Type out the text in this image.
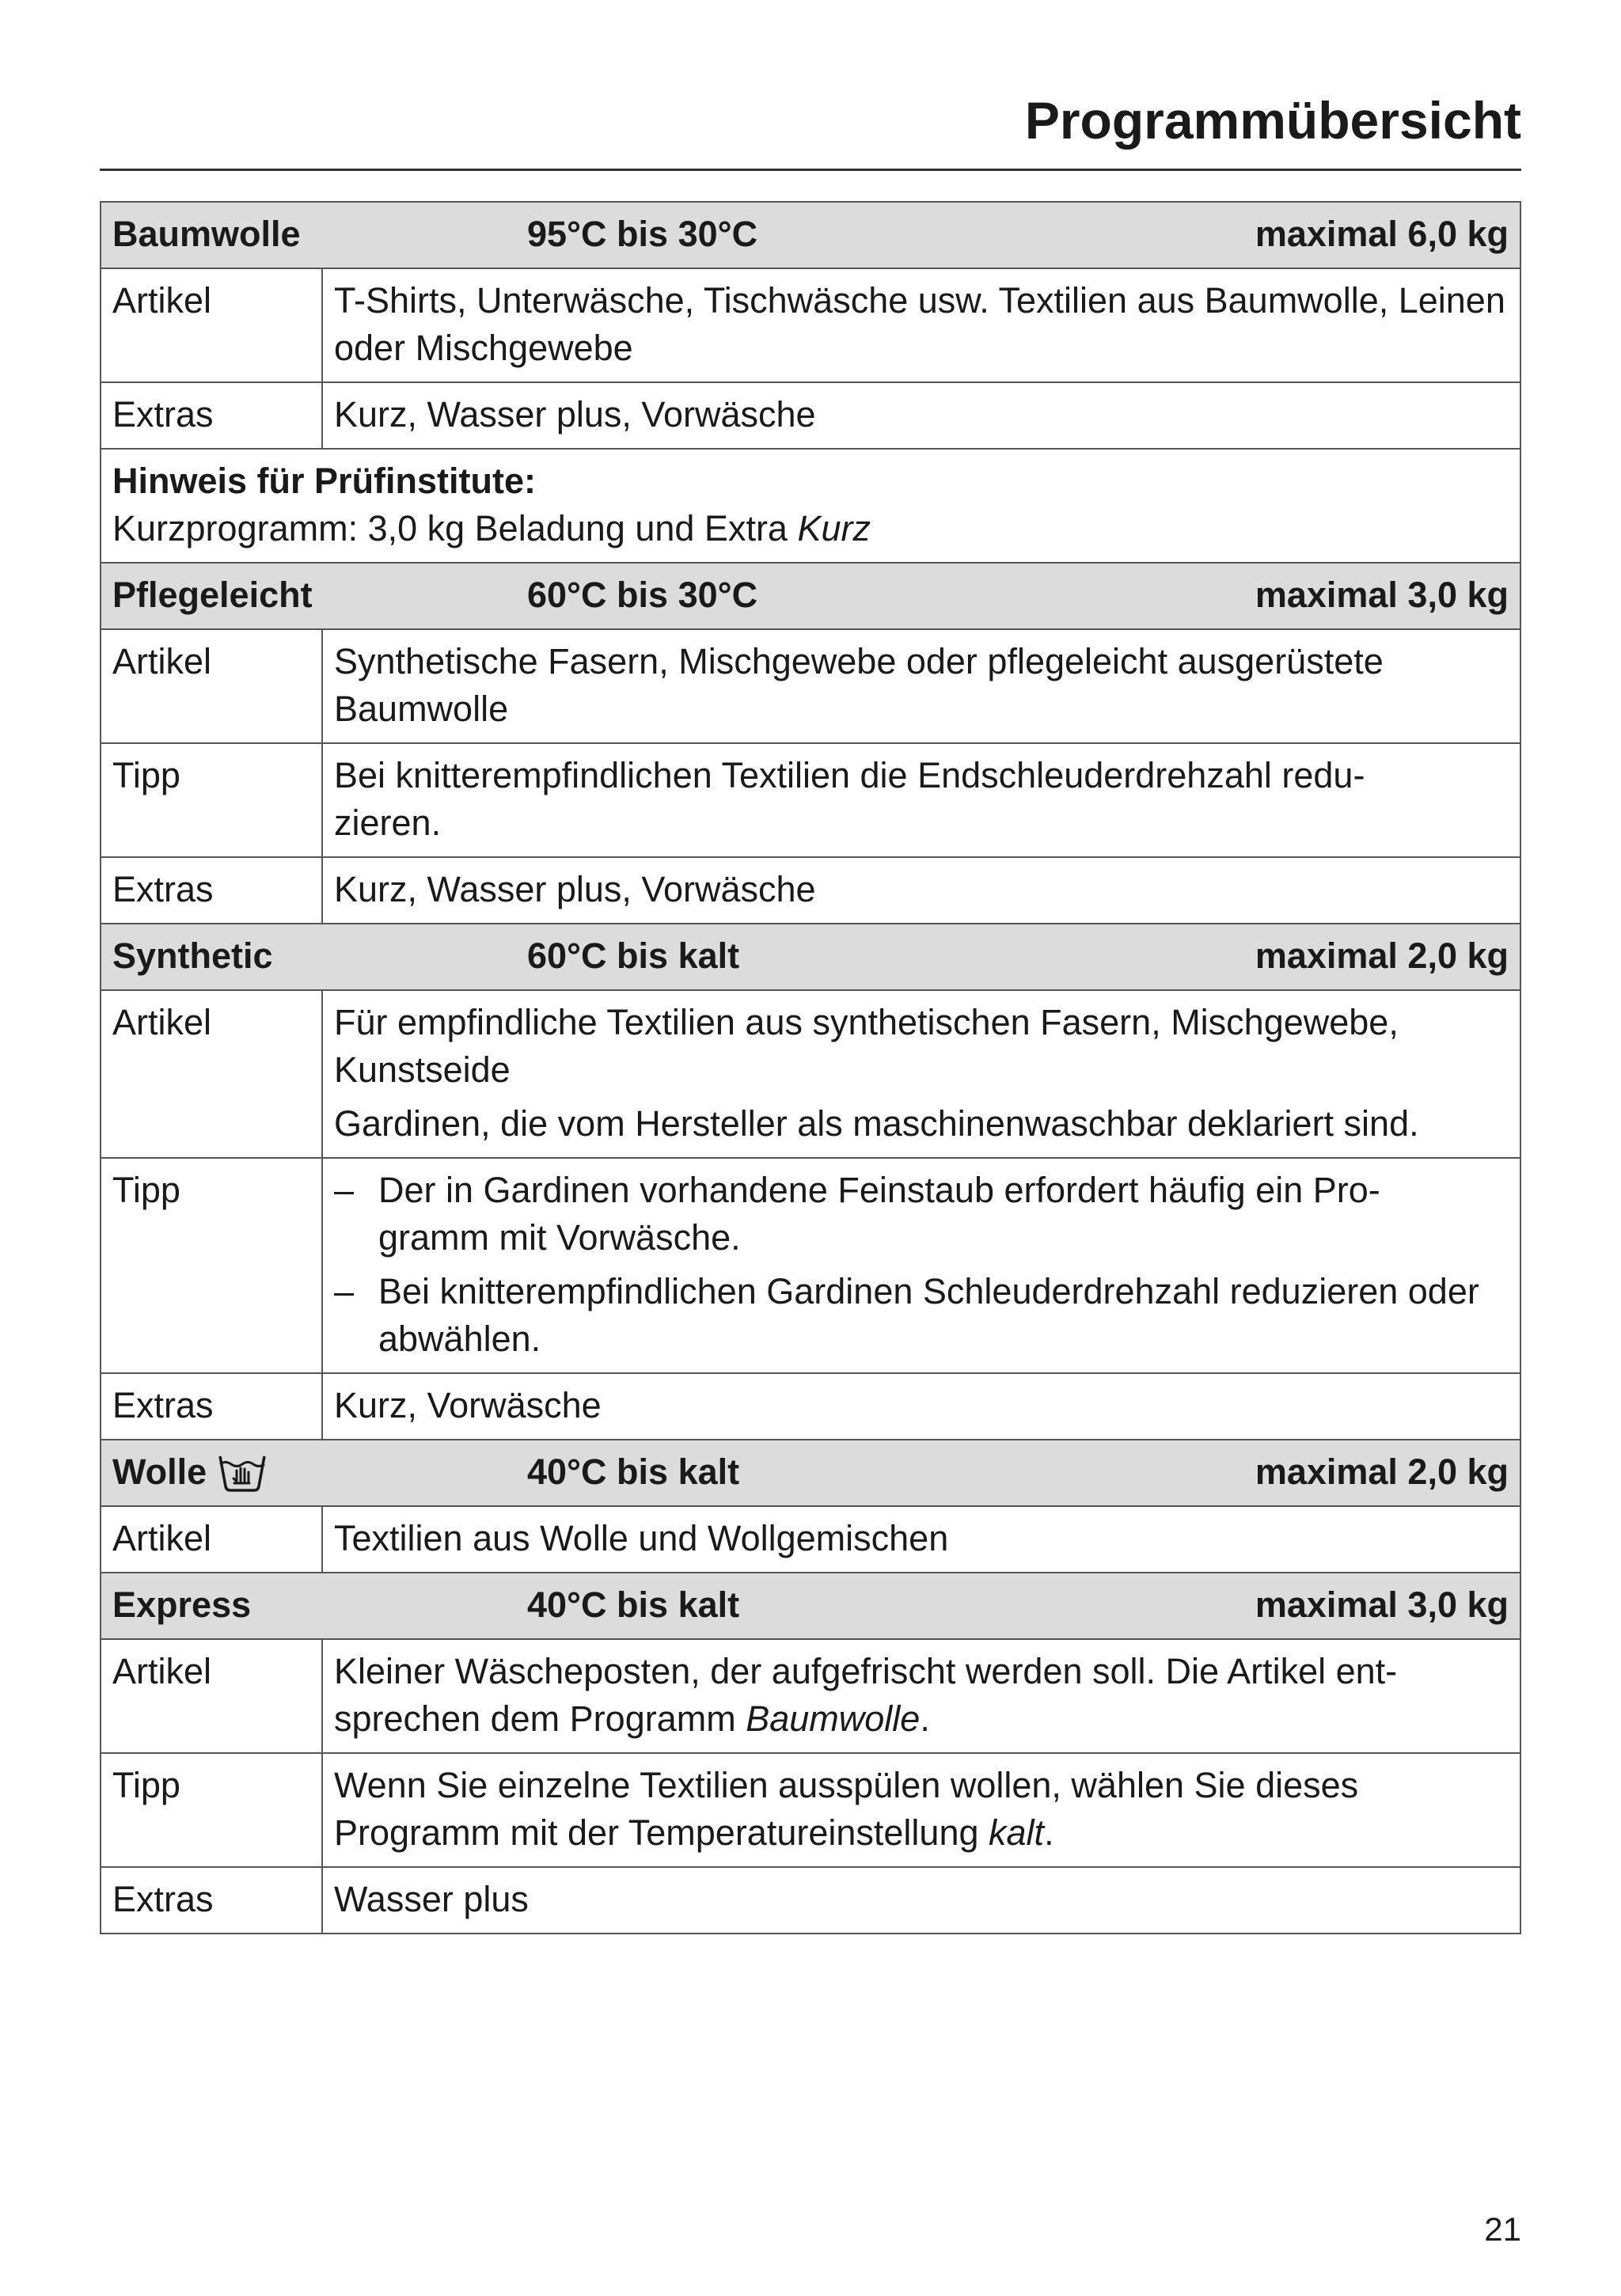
Programmübersicht
Baumwolle 95°C bis 30°C maximal 6,0 kg	

Artikel	T-Shirts, Unterwäsche, Tischwäsche usw. Textilien aus Baumwolle, Leinen oder Mischgewebe
Extras	Kurz, Wasser plus, Vorwäsche

Hinweis für Prüfinstitute:
Kurzprogramm: 3,0 kg Beladung und Extra Kurz	

Pflegeleicht 60°C bis 30°C maximal 3,0 kg	

Artikel	Synthetische Fasern, Mischgewebe oder pflegeleicht ausgerüstete Baumwolle
Tipp	Bei knitterempfindlichen Textilien die Endschleuderdrehzahl redu-
zieren.

Extras	Kurz, Wasser plus, Vorwäsche

Synthetic 60°C bis kalt maximal 2,0 kg	

Artikel	Für empfindliche Textilien aus synthetischen Fasern, Mischgewebe, Kunstseide
Gardinen, die vom Hersteller als maschinenwaschbar deklariert sind.

Tipp	– Der in Gardinen vorhandene Feinstaub erfordert häufig ein Pro-
gramm mit Vorwäsche.
– Bei knitterempfindlichen Gardinen Schleuderdrehzahl reduzieren oder abwählen.

Extras	Kurz, Vorwäsche

Wolle 40°C bis kalt maximal 2,0 kg	

Artikel	Textilien aus Wolle und Wollgemischen

Express 40°C bis kalt maximal 3,0 kg	

Artikel	Kleiner Wäscheposten, der aufgefrischt werden soll. Die Artikel ent-
sprechen dem Programm Baumwolle.

Tipp	Wenn Sie einzelne Textilien ausspülen wollen, wählen Sie dieses Programm mit der Temperatureinstellung kalt.
Extras	Wasser plus
21
